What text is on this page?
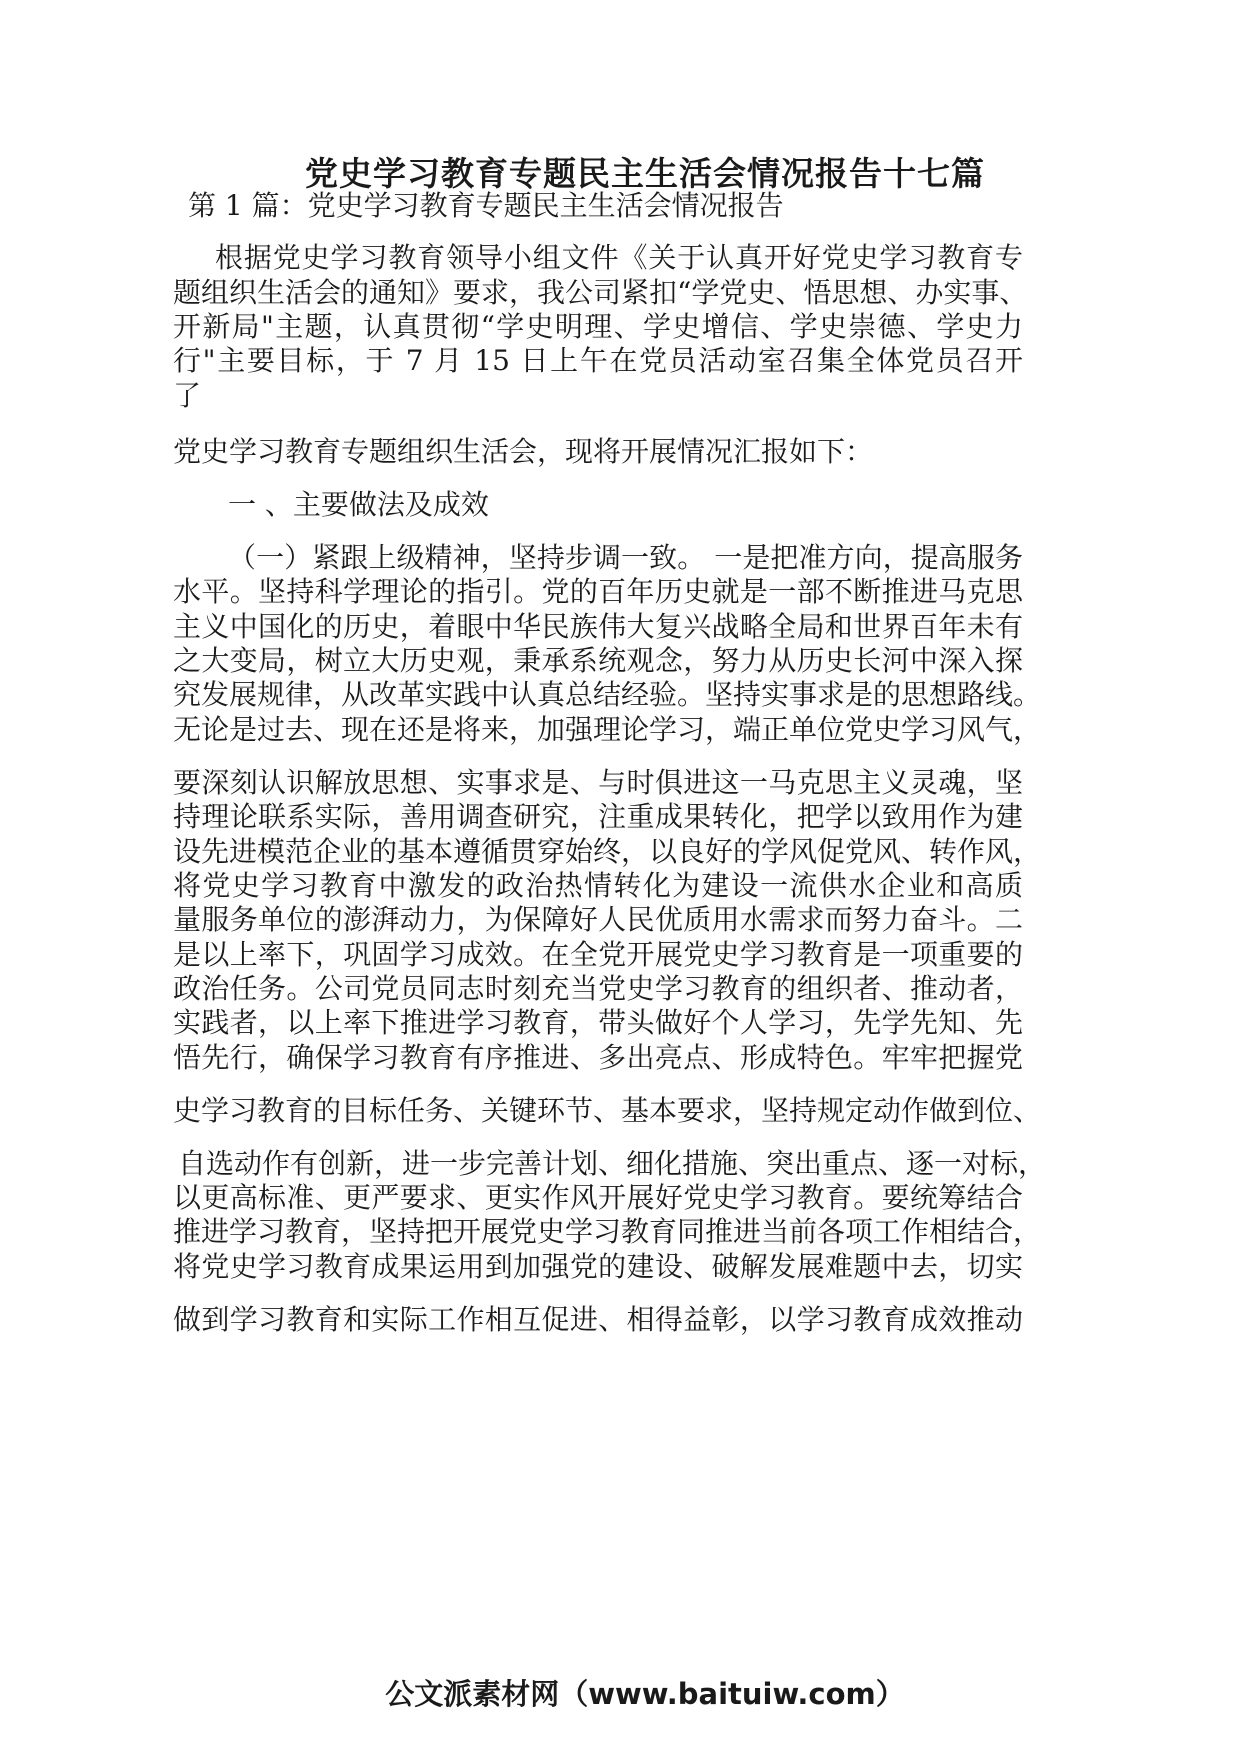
党史学习教育专题民主生活会情况报告十七篇
第 1 篇：党史学习教育专题民主生活会情况报告
根据党史学习教育领导小组文件《关于认真开好党史学习教育专
题组织生活会的通知》要求，我公司紧扣“学党史、悟思想、办实事、
开新局"主题，认真贯彻“学史明理、学史增信、学史崇德、学史力
行"主要目标，于 7 月 15 日上午在党员活动室召集全体党员召开
了
党史学习教育专题组织生活会，现将开展情况汇报如下：
一 、主要做法及成效
（一）紧跟上级精神，坚持步调一致。 一是把准方向，提高服务
水平。坚持科学理论的指引。党的百年历史就是一部不断推进马克思
主义中国化的历史，着眼中华民族伟大复兴战略全局和世界百年未有
之大变局，树立大历史观，秉承系统观念，努力从历史长河中深入探
究发展规律，从改革实践中认真总结经验。坚持实事求是的思想路线。
无论是过去、现在还是将来，加强理论学习，端正单位党史学习风气，
要深刻认识解放思想、实事求是、与时俱进这一马克思主义灵魂，坚
持理论联系实际，善用调查研究，注重成果转化，把学以致用作为建
设先进模范企业的基本遵循贯穿始终，以良好的学风促党风、转作风，
将党史学习教育中激发的政治热情转化为建设一流供水企业和高质
量服务单位的澎湃动力，为保障好人民优质用水需求而努力奋斗。二
是以上率下，巩固学习成效。在全党开展党史学习教育是一项重要的
政治任务。公司党员同志时刻充当党史学习教育的组织者、推动者，
实践者，以上率下推进学习教育，带头做好个人学习，先学先知、先
悟先行，确保学习教育有序推进、多出亮点、形成特色。牢牢把握党
史学习教育的目标任务、关键环节、基本要求，坚持规定动作做到位、
自选动作有创新，进一步完善计划、细化措施、突出重点、逐一对标，
以更高标准、更严要求、更实作风开展好党史学习教育。要统筹结合
推进学习教育，坚持把开展党史学习教育同推进当前各项工作相结合，
将党史学习教育成果运用到加强党的建设、破解发展难题中去，切实
做到学习教育和实际工作相互促进、相得益彰，以学习教育成效推动
公文派素材网（www.baituiw.com）
